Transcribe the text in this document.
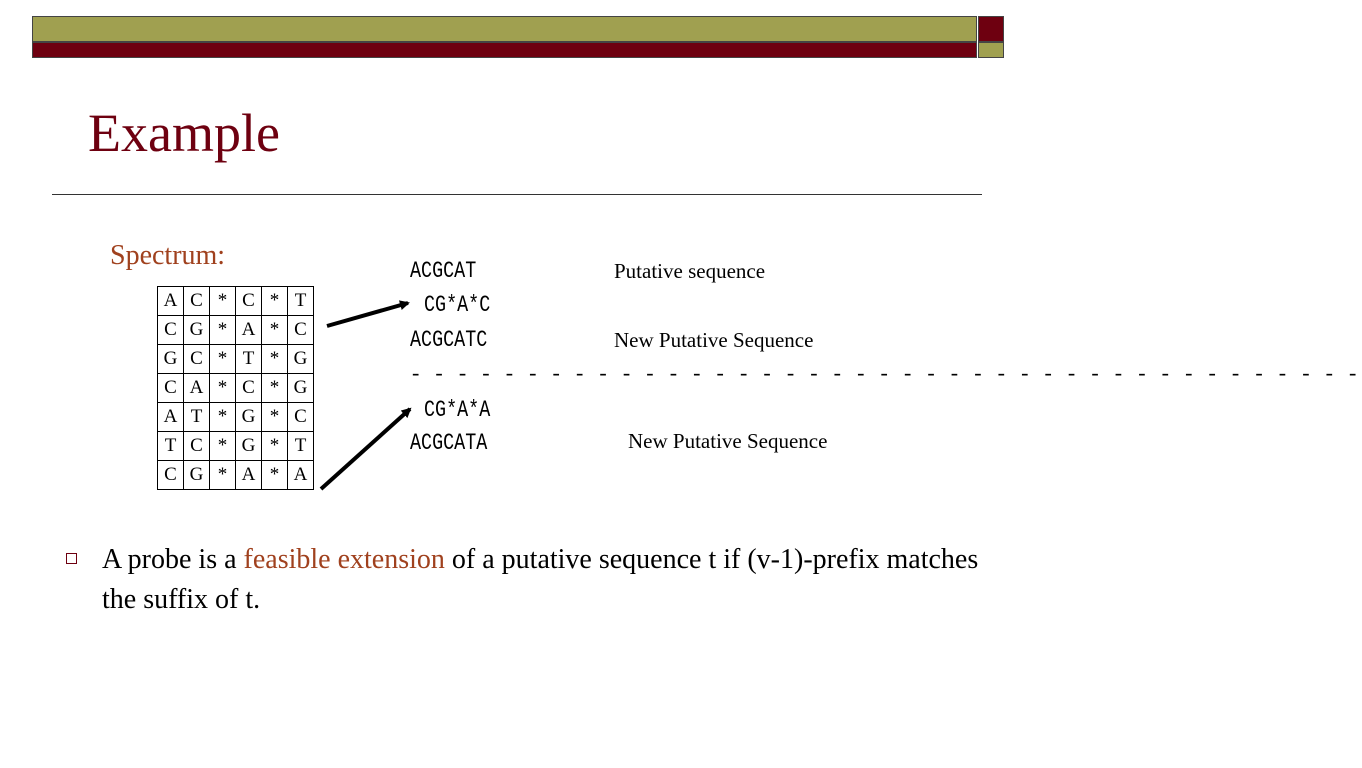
Example
Spectrum:
A	C	*	C	*	T
C	G	*	A	*	C
G	C	*	T	*	G
C	A	*	C	*	G
A	T	*	G	*	C
T	C	*	G	*	T
C	G	*	A	*	A
ACGCAT
CG*A*C
ACGCATC
CG*A*A
ACGCATA
Putative sequence
New Putative Sequence
New Putative Sequence
- - - - - - - - - - - - - - - - - - - - - - - - - - - - - - - - - - - - - - - - -
A probe is a feasible extension of a putative sequence t if (v-1)-prefix matches the suffix of t.
